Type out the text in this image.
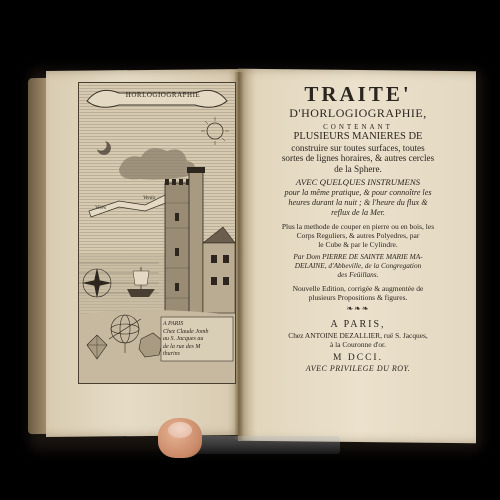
HORLOGIOGRAPHIE
Vires
Venio
A PARIS
Chez Claude Jomb
au S. Jacques au
de la rue des M
thurins

TRAITE'

D'HORLOGIOGRAPHIE,

CONTENANT

PLUSIEURS MANIERES DE

construire sur toutes surfaces, toutes

sortes de lignes horaires, & autres cercles

de la Sphere.

AVEC QUELQUES INSTRUMENS

pour la même pratique, & pour connoître les

heures durant la nuit ; & l'heure du flux &

reflux de la Mer.

Plus la methode de couper en pierre ou en bois, les

Corps Reguliers, & autres Polyedres, par

le Cube & par le Cylindre.

Par Dom PIERRE DE SAINTE MARIE MA-

DELAINE, d'Abbeville, de la Congregation

des Feüillans.

Nouvelle Edition, corrigée & augmentée de

plusieurs Propositions & figures.

❧❧❧

A PARIS,

Chez ANTOINE DEZALLIER, ruë S. Jacques,

à la Couronne d'or.

M DCCI.

AVEC PRIVILEGE DU ROY.
